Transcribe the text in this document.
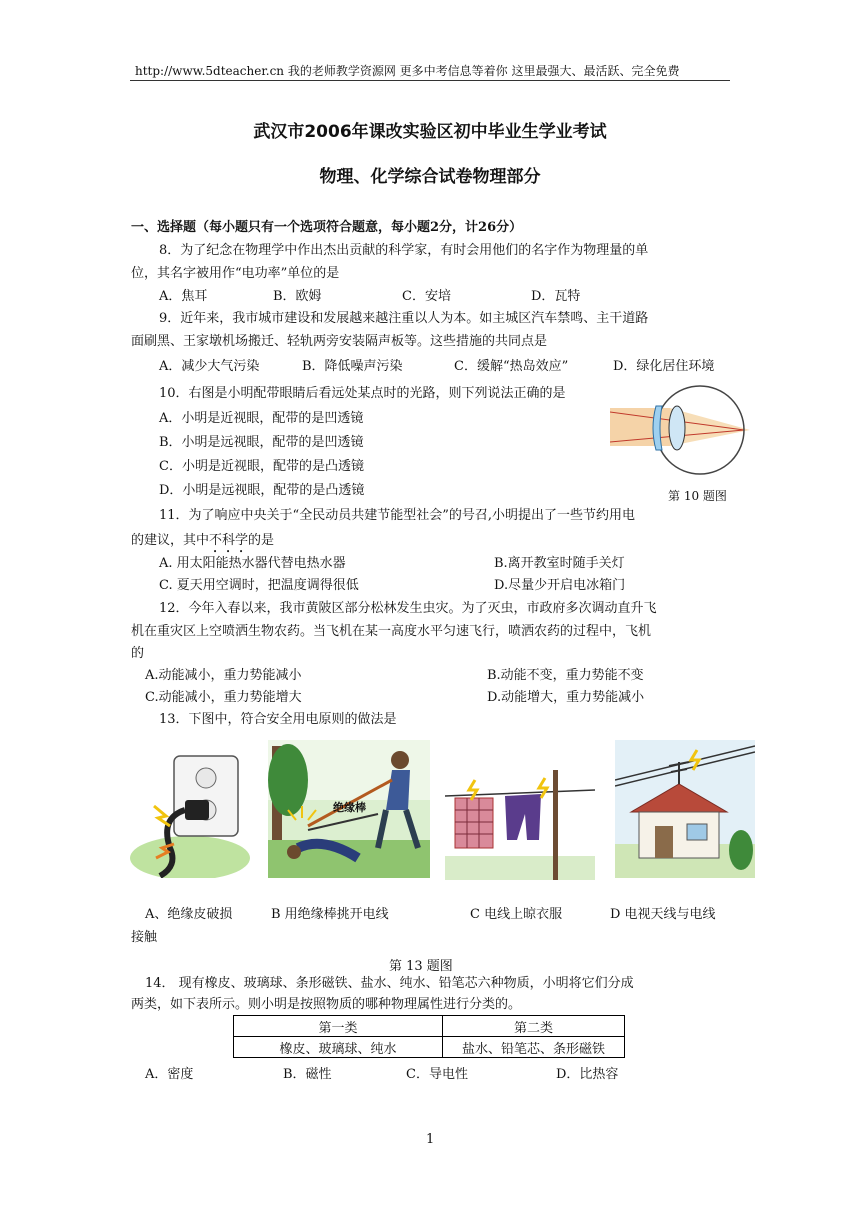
http://www.5dteacher.cn 我的老师教学资源网 更多中考信息等着你 这里最强大、最活跃、完全免费
武汉市2006年课改实验区初中毕业生学业考试
物理、化学综合试卷物理部分
一、选择题（每小题只有一个选项符合题意，每小题2分，计26分）
8．为了纪念在物理学中作出杰出贡献的科学家，有时会用他们的名字作为物理量的单
位，其名字被用作“电功率”单位的是
A．焦耳	B．欧姆	C．安培	D．瓦特
9．近年来，我市城市建设和发展越来越注重以人为本。如主城区汽车禁鸣、主干道路
面刷黑、王家墩机场搬迁、轻轨两旁安装隔声板等。这些措施的共同点是
A．减少大气污染	B．降低噪声污染	C．缓解“热岛效应”	D．绿化居住环境
10．右图是小明配带眼睛后看远处某点时的光路，则下列说法正确的是
A．小明是近视眼，配带的是凹透镜
B．小明是远视眼，配带的是凹透镜
C．小明是近视眼，配带的是凸透镜
D．小明是远视眼，配带的是凸透镜	第 10 题图
11．为了响应中央关于“全民动员共建节能型社会”的号召,小明提出了一些节约用电
的建议，其中不科学的是
A. 用太阳能热水器代替电热水器	B.离开教室时随手关灯
C. 夏天用空调时，把温度调得很低	D.尽量少开启电冰箱门
12．今年入春以来，我市黄陂区部分松林发生虫灾。为了灭虫，市政府多次调动直升飞
机在重灾区上空喷洒生物农药。当飞机在某一高度水平匀速飞行，喷洒农药的过程中，飞机
的
A.动能减小，重力势能减小	B.动能不变，重力势能不变
C.动能减小，重力势能增大	D.动能增大，重力势能减小
13．下图中，符合安全用电原则的做法是
绝缘棒
A、绝缘皮破损	B 用绝缘棒挑开电线	C 电线上晾衣服	D 电视天线与电线
接触
第 13 题图
14． 现有橡皮、玻璃球、条形磁铁、盐水、纯水、铅笔芯六种物质，小明将它们分成
两类，如下表所示。则小明是按照物质的哪种物理属性进行分类的。
第一类	第二类
橡皮、玻璃球、纯水	盐水、铅笔芯、条形磁铁
A．密度	B．磁性	C．导电性	D．比热容
1
